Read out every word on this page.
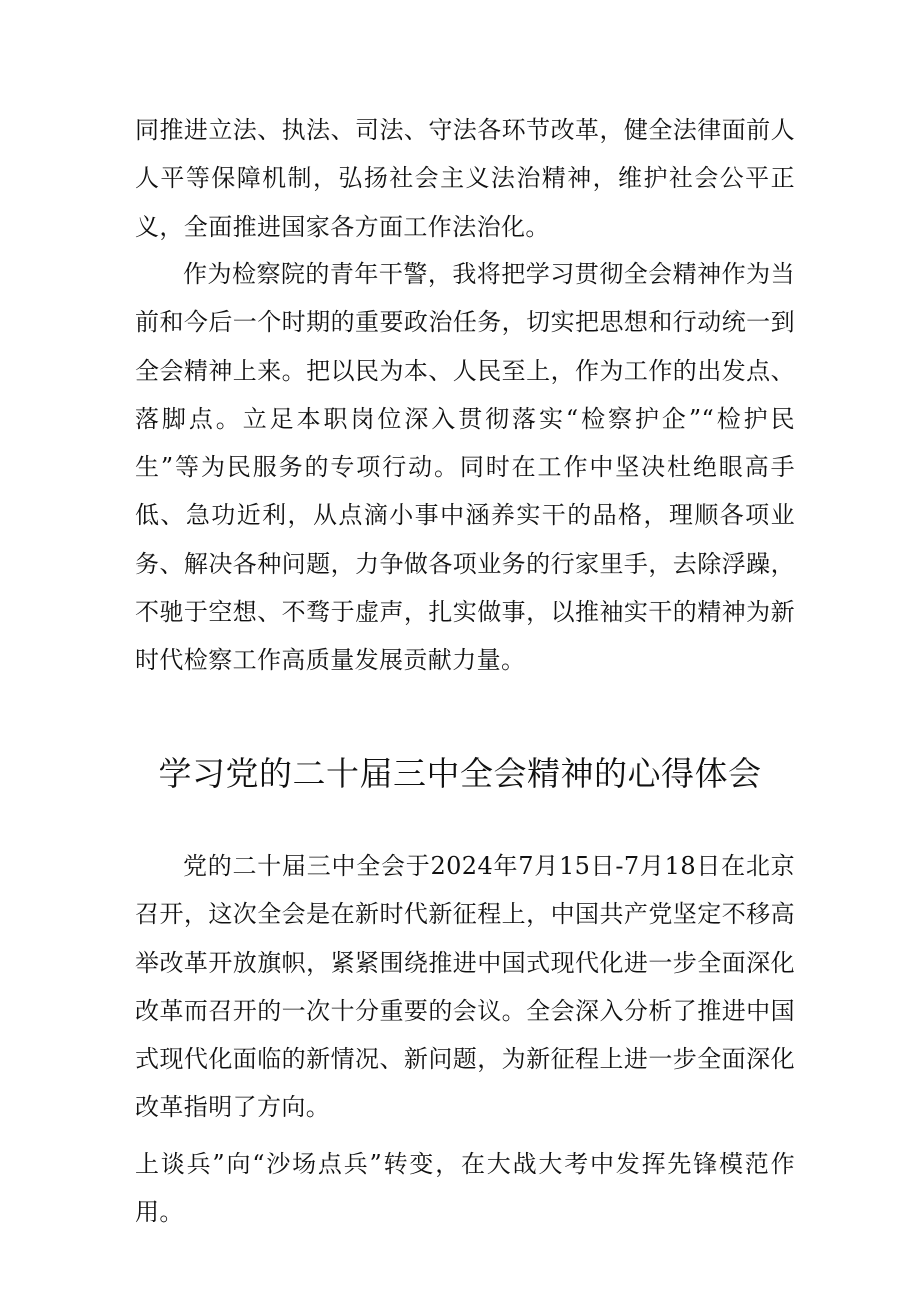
同推进立法、执法、司法、守法各环节改革，健全法律面前人人平等保障机制，弘扬社会主义法治精神，维护社会公平正义，全面推进国家各方面工作法治化。

作为检察院的青年干警，我将把学习贯彻全会精神作为当前和今后一个时期的重要政治任务，切实把思想和行动统一到全会精神上来。把以民为本、人民至上，作为工作的出发点、落脚点。立足本职岗位深入贯彻落实“检察护企”“检护民生”等为民服务的专项行动。同时在工作中坚决杜绝眼高手低、急功近利，从点滴小事中涵养实干的品格，理顺各项业务、解决各种问题，力争做各项业务的行家里手，去除浮躁，不驰于空想、不骛于虚声，扎实做事，以推袖实干的精神为新时代检察工作高质量发展贡献力量。

学习党的二十届三中全会精神的心得体会

党的二十届三中全会于2024年7月15日-7月18日在北京召开，这次全会是在新时代新征程上，中国共产党坚定不移高举改革开放旗帜，紧紧围绕推进中国式现代化进一步全面深化改革而召开的一次十分重要的会议。全会深入分析了推进中国式现代化面临的新情况、新问题，为新征程上进一步全面深化改革指明了方向。

上谈兵”向“沙场点兵”转变，在大战大考中发挥先锋模范作用。
